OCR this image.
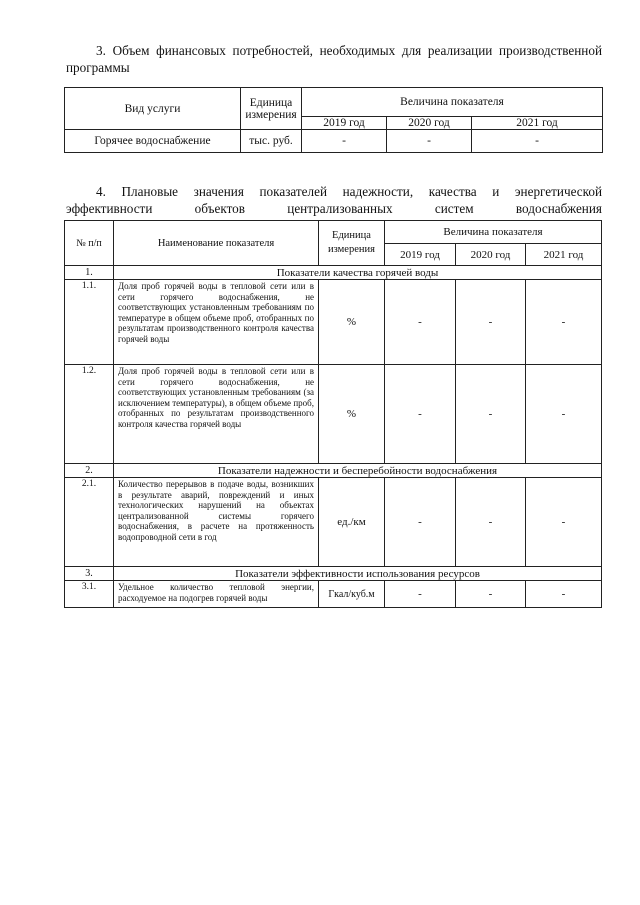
3. Объем финансовых потребностей, необходимых для реализации производственной программы
Вид услуги	Единица измерения	Величина показателя		
		2019 год	2020 год	2021 год
Горячее водоснабжение	тыс. руб.	-	-	-
4. Плановые значения показателей надежности, качества и энергетической эффективности объектов централизованных систем водоснабжения
№ п/п	Наименование показателя	Единица измерения	Величина показателя		
			2019 год	2020 год	2021 год
1.	Показатели качества горячей воды				
1.1.	Доля проб горячей воды в тепловой сети или в сети горячего водоснабжения, не соответствующих установленным требованиям по температуре в общем объеме проб, отобранных по результатам производственного контроля качества горячей воды	%	-	-	-
1.2.	Доля проб горячей воды в тепловой сети или в сети горячего водоснабжения, не соответствующих установленным требованиям (за исключением температуры), в общем объеме проб, отобранных по результатам производственного контроля качества горячей воды	%	-	-	-
2.	Показатели надежности и бесперебойности водоснабжения				
2.1.	Количество перерывов в подаче воды, возникших в результате аварий, повреждений и иных технологических нарушений на объектах централизованной системы горячего водоснабжения, в расчете на протяженность водопроводной сети в год	ед./км	-	-	-
3.	Показатели эффективности использования ресурсов				
3.1.	Удельное количество тепловой энергии, расходуемое на подогрев горячей воды	Гкал/куб.м	-	-	-
